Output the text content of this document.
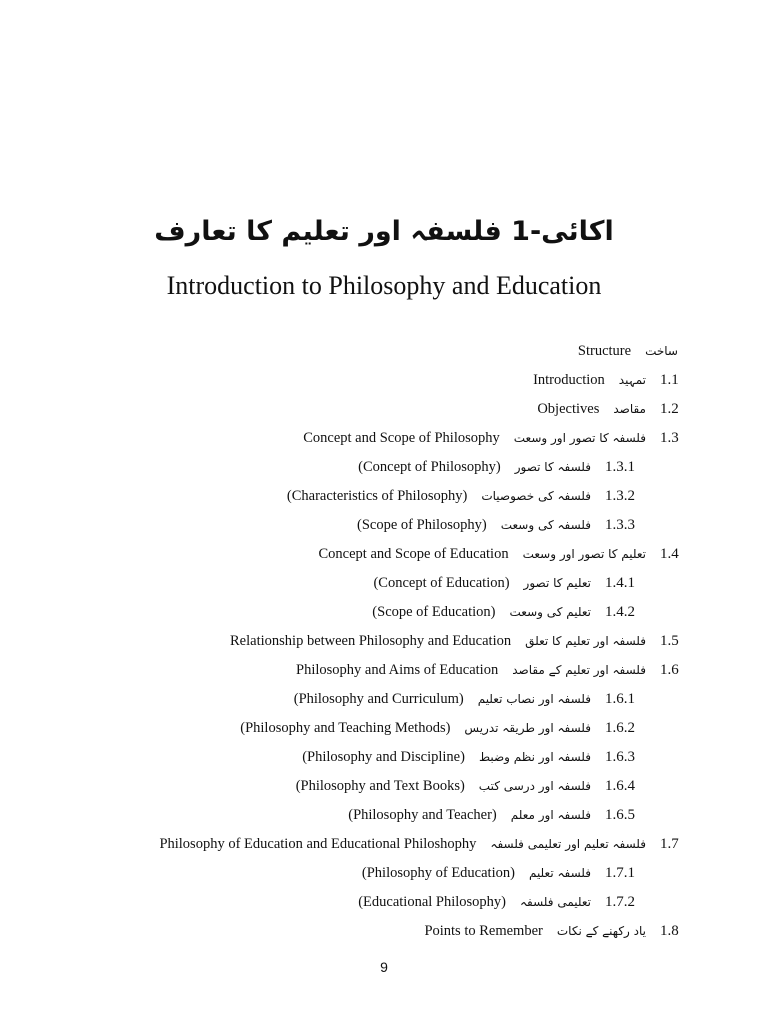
اکائی-1 فلسفہ اور تعلیم کا تعارف
Introduction to Philosophy and Education
Structure ساخت
Introduction تمہید 1.1
Objectives مقاصد 1.2
Concept and Scope of Philosophy فلسفہ کا تصور اور وسعت 1.3
(Concept of Philosophy) فلسفہ کا تصور 1.3.1
(Characteristics of Philosophy) فلسفہ کی خصوصیات 1.3.2
(Scope of Philosophy) فلسفہ کی وسعت 1.3.3
Concept and Scope of Education تعلیم کا تصور اور وسعت 1.4
(Concept of Education) تعلیم کا تصور 1.4.1
(Scope of Education) تعلیم کی وسعت 1.4.2
Relationship between Philosophy and Education فلسفہ اور تعلیم کا تعلق 1.5
Philosophy and Aims of Education فلسفہ اور تعلیم کے مقاصد 1.6
(Philosophy and Curriculum) فلسفہ اور نصاب تعلیم 1.6.1
(Philosophy and Teaching Methods) فلسفہ اور طریقہ تدریس 1.6.2
(Philosophy and Discipline) فلسفہ اور نظم وضبط 1.6.3
(Philosophy and Text Books) فلسفہ اور درسی کتب 1.6.4
(Philosophy and Teacher) فلسفہ اور معلم 1.6.5
Philosophy of Education and Educational Philoshophy فلسفہ تعلیم اور تعلیمی فلسفہ 1.7
(Philosophy of Education) فلسفہ تعلیم 1.7.1
(Educational Philosophy) تعلیمی فلسفہ 1.7.2
Points to Remember یاد رکھنے کے نکات 1.8

9
